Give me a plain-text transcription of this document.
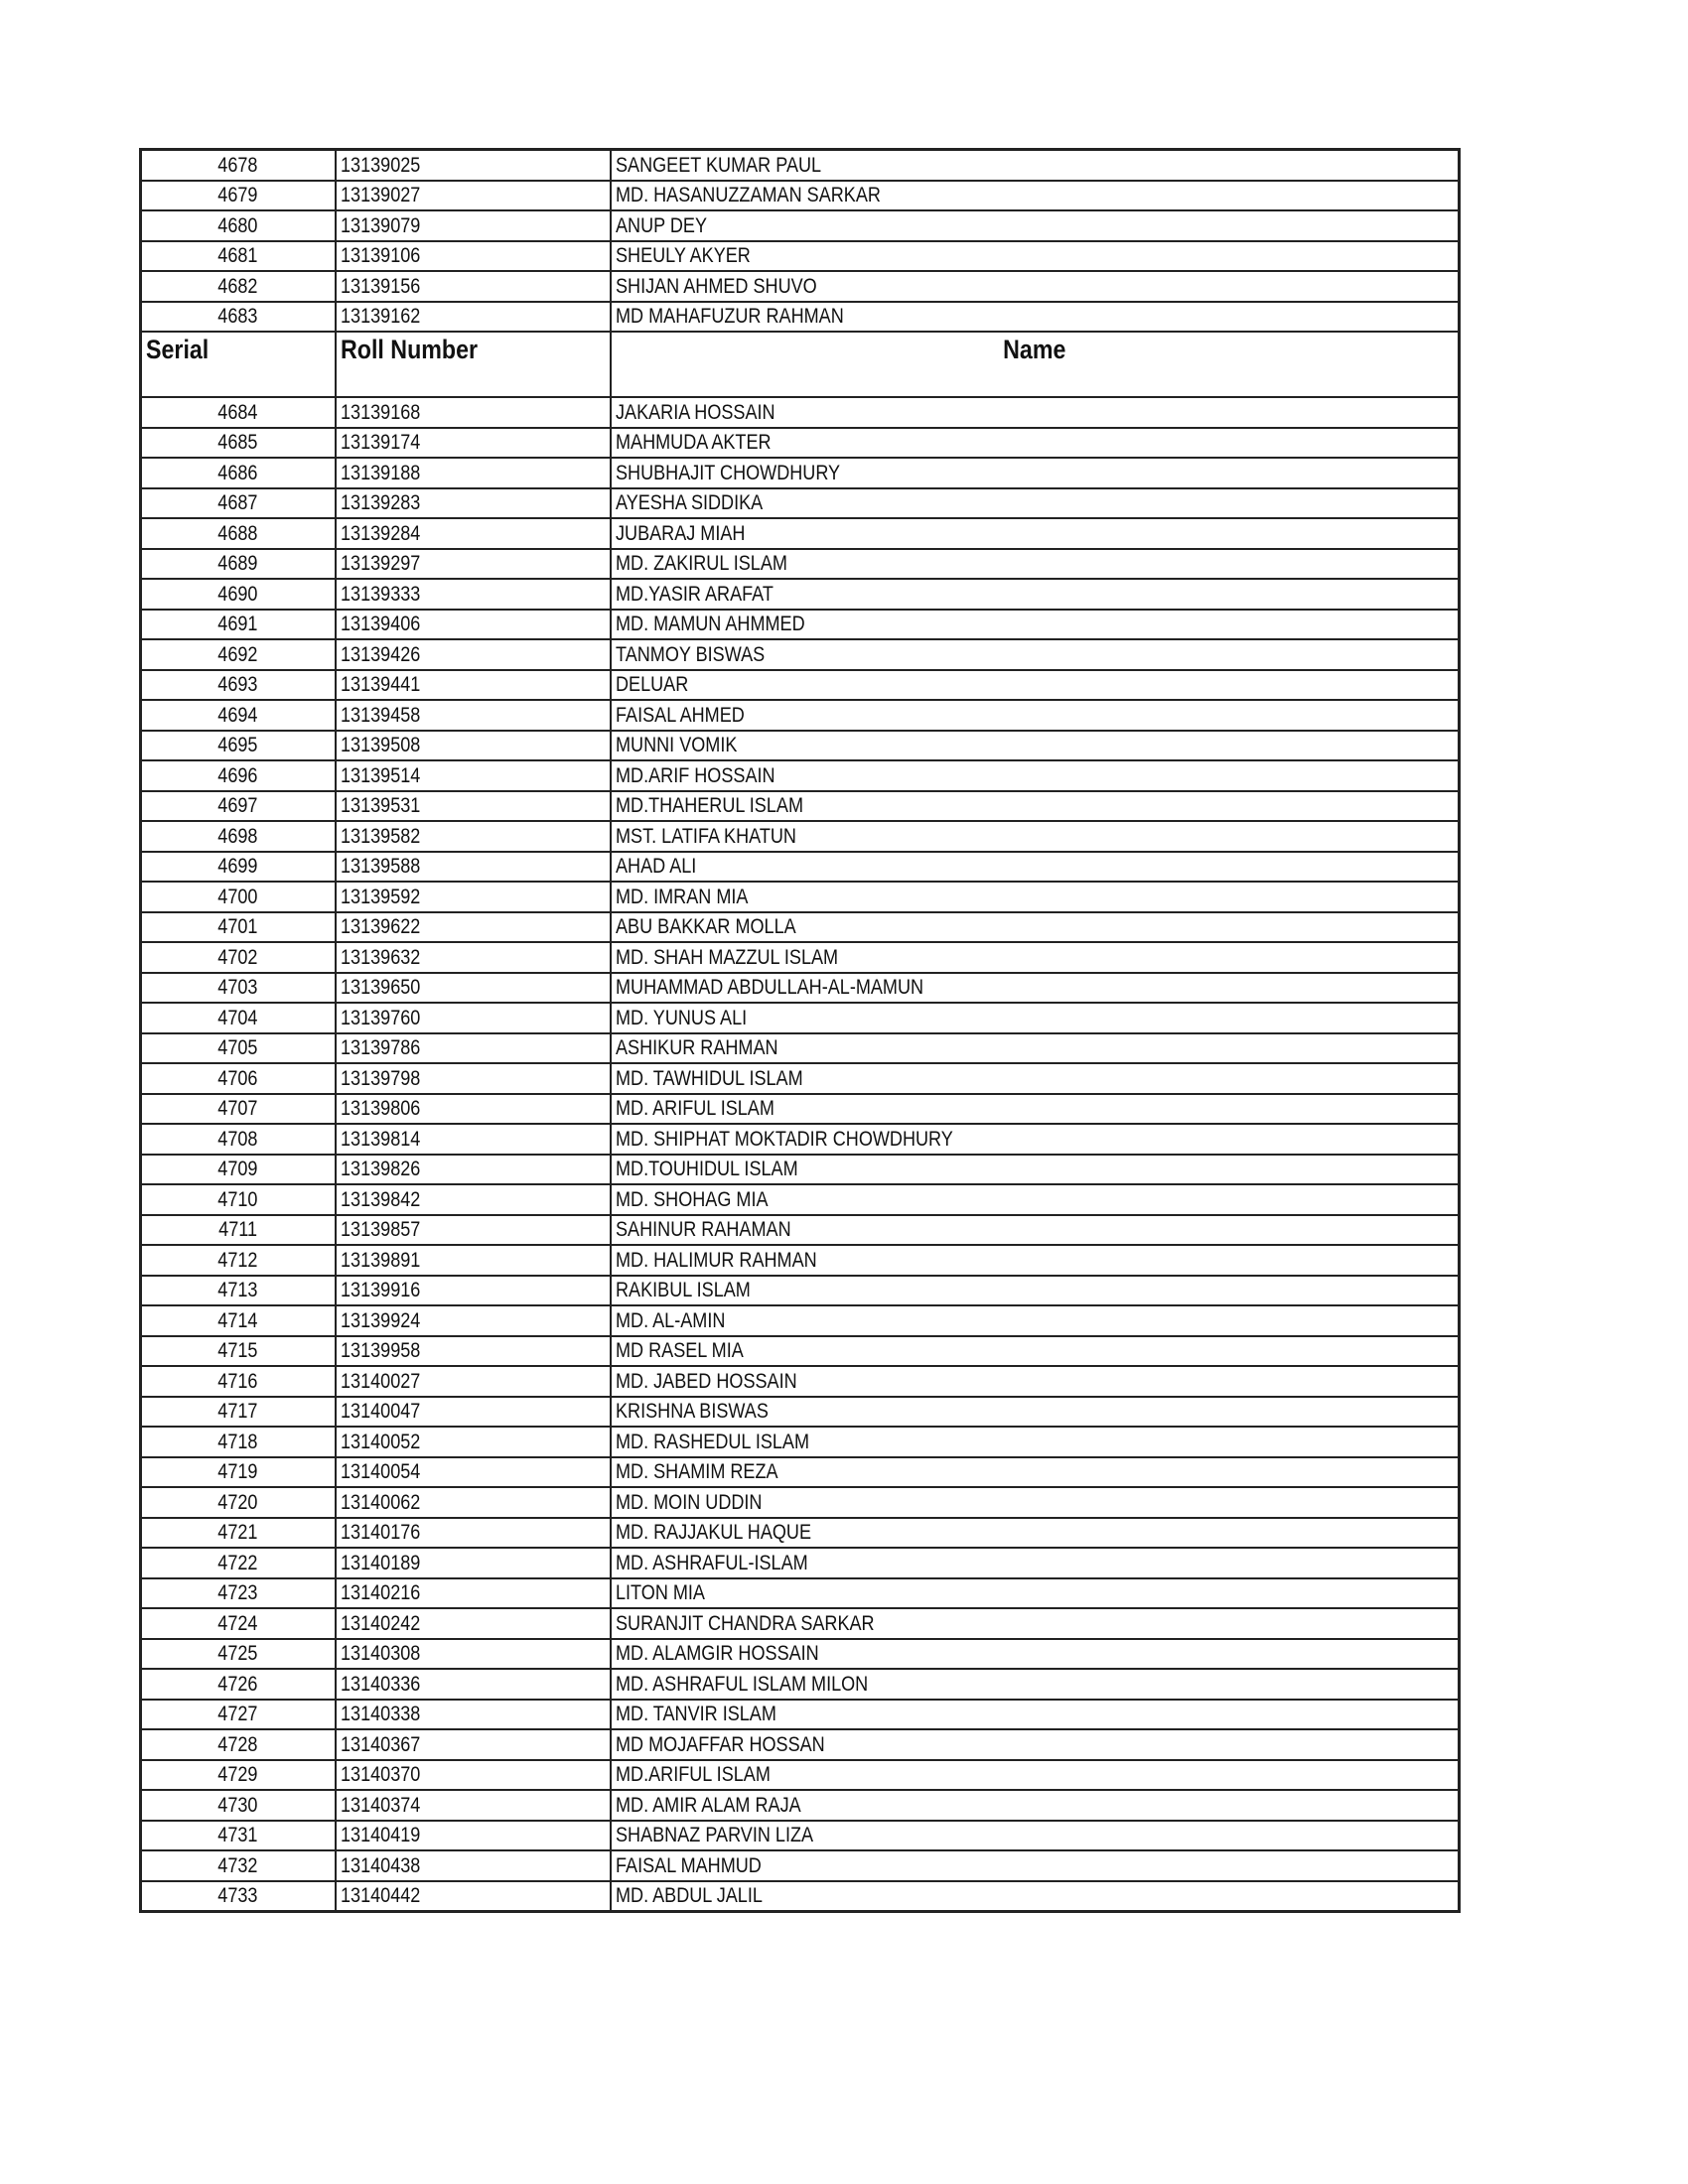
4678	13139025	SANGEET KUMAR PAUL
4679	13139027	MD. HASANUZZAMAN SARKAR
4680	13139079	ANUP DEY
4681	13139106	SHEULY AKYER
4682	13139156	SHIJAN AHMED SHUVO
4683	13139162	MD MAHAFUZUR RAHMAN
Serial	Roll Number	Name
4684	13139168	JAKARIA HOSSAIN
4685	13139174	MAHMUDA AKTER
4686	13139188	SHUBHAJIT CHOWDHURY
4687	13139283	AYESHA SIDDIKA
4688	13139284	JUBARAJ MIAH
4689	13139297	MD. ZAKIRUL ISLAM
4690	13139333	MD.YASIR ARAFAT
4691	13139406	MD. MAMUN AHMMED
4692	13139426	TANMOY BISWAS
4693	13139441	DELUAR
4694	13139458	FAISAL AHMED
4695	13139508	MUNNI VOMIK
4696	13139514	MD.ARIF HOSSAIN
4697	13139531	MD.THAHERUL ISLAM
4698	13139582	MST. LATIFA KHATUN
4699	13139588	AHAD ALI
4700	13139592	MD. IMRAN MIA
4701	13139622	ABU BAKKAR MOLLA
4702	13139632	MD. SHAH MAZZUL ISLAM
4703	13139650	MUHAMMAD ABDULLAH-AL-MAMUN
4704	13139760	MD. YUNUS ALI
4705	13139786	ASHIKUR RAHMAN
4706	13139798	MD. TAWHIDUL ISLAM
4707	13139806	MD. ARIFUL ISLAM
4708	13139814	MD. SHIPHAT MOKTADIR CHOWDHURY
4709	13139826	MD.TOUHIDUL ISLAM
4710	13139842	MD. SHOHAG MIA
4711	13139857	SAHINUR RAHAMAN
4712	13139891	MD. HALIMUR RAHMAN
4713	13139916	RAKIBUL ISLAM
4714	13139924	MD. AL-AMIN
4715	13139958	MD RASEL MIA
4716	13140027	MD. JABED HOSSAIN
4717	13140047	KRISHNA BISWAS
4718	13140052	MD. RASHEDUL ISLAM
4719	13140054	MD. SHAMIM REZA
4720	13140062	MD. MOIN UDDIN
4721	13140176	MD. RAJJAKUL HAQUE
4722	13140189	MD. ASHRAFUL-ISLAM
4723	13140216	LITON MIA
4724	13140242	SURANJIT CHANDRA SARKAR
4725	13140308	MD. ALAMGIR HOSSAIN
4726	13140336	MD. ASHRAFUL ISLAM MILON
4727	13140338	MD. TANVIR ISLAM
4728	13140367	MD MOJAFFAR HOSSAN
4729	13140370	MD.ARIFUL ISLAM
4730	13140374	MD. AMIR ALAM RAJA
4731	13140419	SHABNAZ PARVIN LIZA
4732	13140438	FAISAL MAHMUD
4733	13140442	MD. ABDUL JALIL
